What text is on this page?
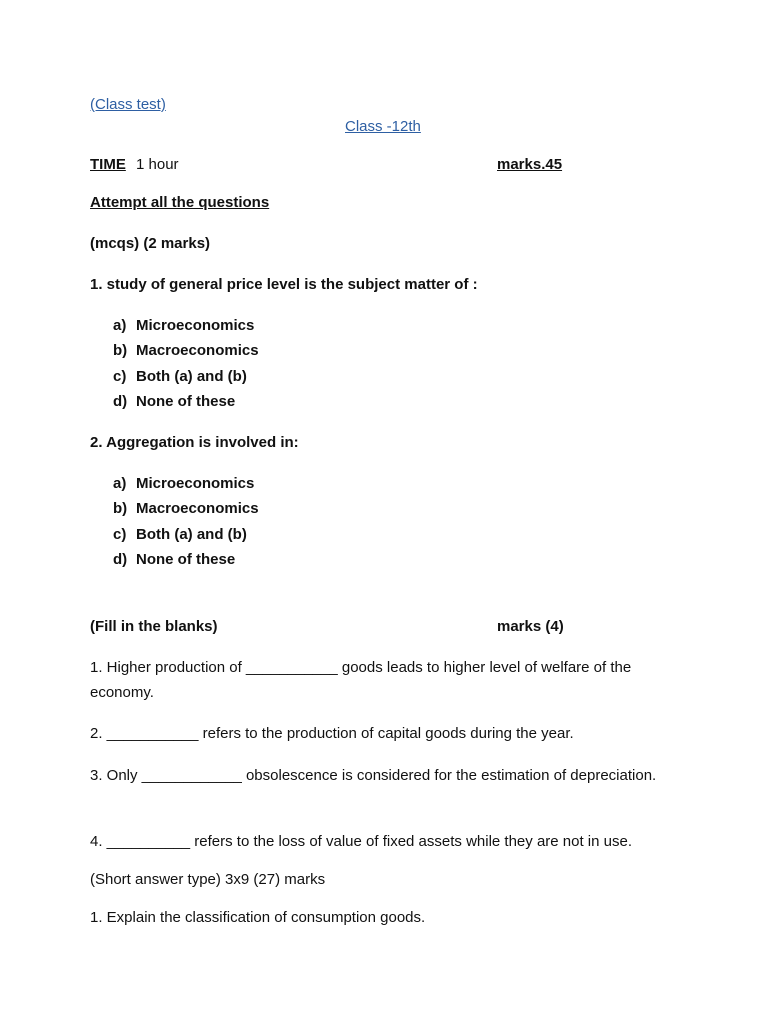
(Class test)
Class -12th
TIME 1 hour	marks.45
Attempt all the questions
(mcqs) (2 marks)
1. study of general price level is the subject matter of :
a) Microeconomics
b) Macroeconomics
c) Both (a) and (b)
d) None of these
2. Aggregation is involved in:
a) Microeconomics
b) Macroeconomics
c) Both (a) and (b)
d) None of these
(Fill in the blanks)	marks (4)
1. Higher production of ___________ goods leads to higher level of welfare of the economy.
2. ___________ refers to the production of capital goods during the year.
3. Only ____________ obsolescence is considered for the estimation of depreciation.
4. __________ refers to the loss of value of fixed assets while they are not in use.
(Short answer type) 3x9 (27) marks
1. Explain the classification of consumption goods.
